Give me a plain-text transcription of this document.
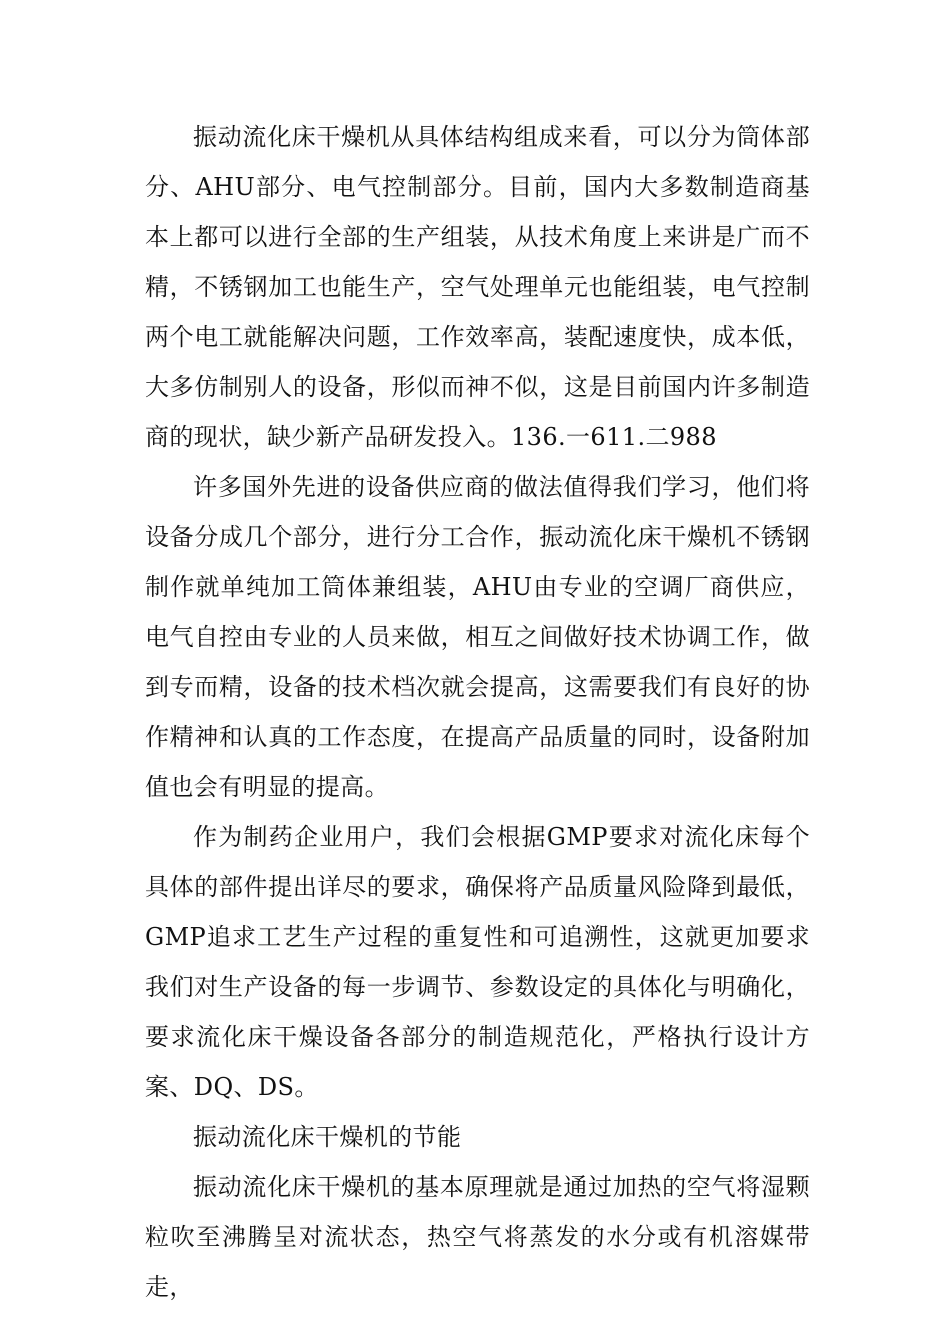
振动流化床干燥机从具体结构组成来看，可以分为筒体部分、AHU部分、电气控制部分。目前，国内大多数制造商基本上都可以进行全部的生产组装，从技术角度上来讲是广而不精，不锈钢加工也能生产，空气处理单元也能组装，电气控制两个电工就能解决问题，工作效率高，装配速度快，成本低，大多仿制别人的设备，形似而神不似，这是目前国内许多制造商的现状，缺少新产品研发投入。136.一611.二988

许多国外先进的设备供应商的做法值得我们学习，他们将设备分成几个部分，进行分工合作，振动流化床干燥机不锈钢制作就单纯加工筒体兼组装，AHU由专业的空调厂商供应，电气自控由专业的人员来做，相互之间做好技术协调工作，做到专而精，设备的技术档次就会提高，这需要我们有良好的协作精神和认真的工作态度，在提高产品质量的同时，设备附加值也会有明显的提高。

作为制药企业用户，我们会根据GMP要求对流化床每个具体的部件提出详尽的要求，确保将产品质量风险降到最低，GMP追求工艺生产过程的重复性和可追溯性，这就更加要求我们对生产设备的每一步调节、参数设定的具体化与明确化，要求流化床干燥设备各部分的制造规范化，严格执行设计方案、DQ、DS。

振动流化床干燥机的节能

振动流化床干燥机的基本原理就是通过加热的空气将湿颗粒吹至沸腾呈对流状态，热空气将蒸发的水分或有机溶媒带走，
